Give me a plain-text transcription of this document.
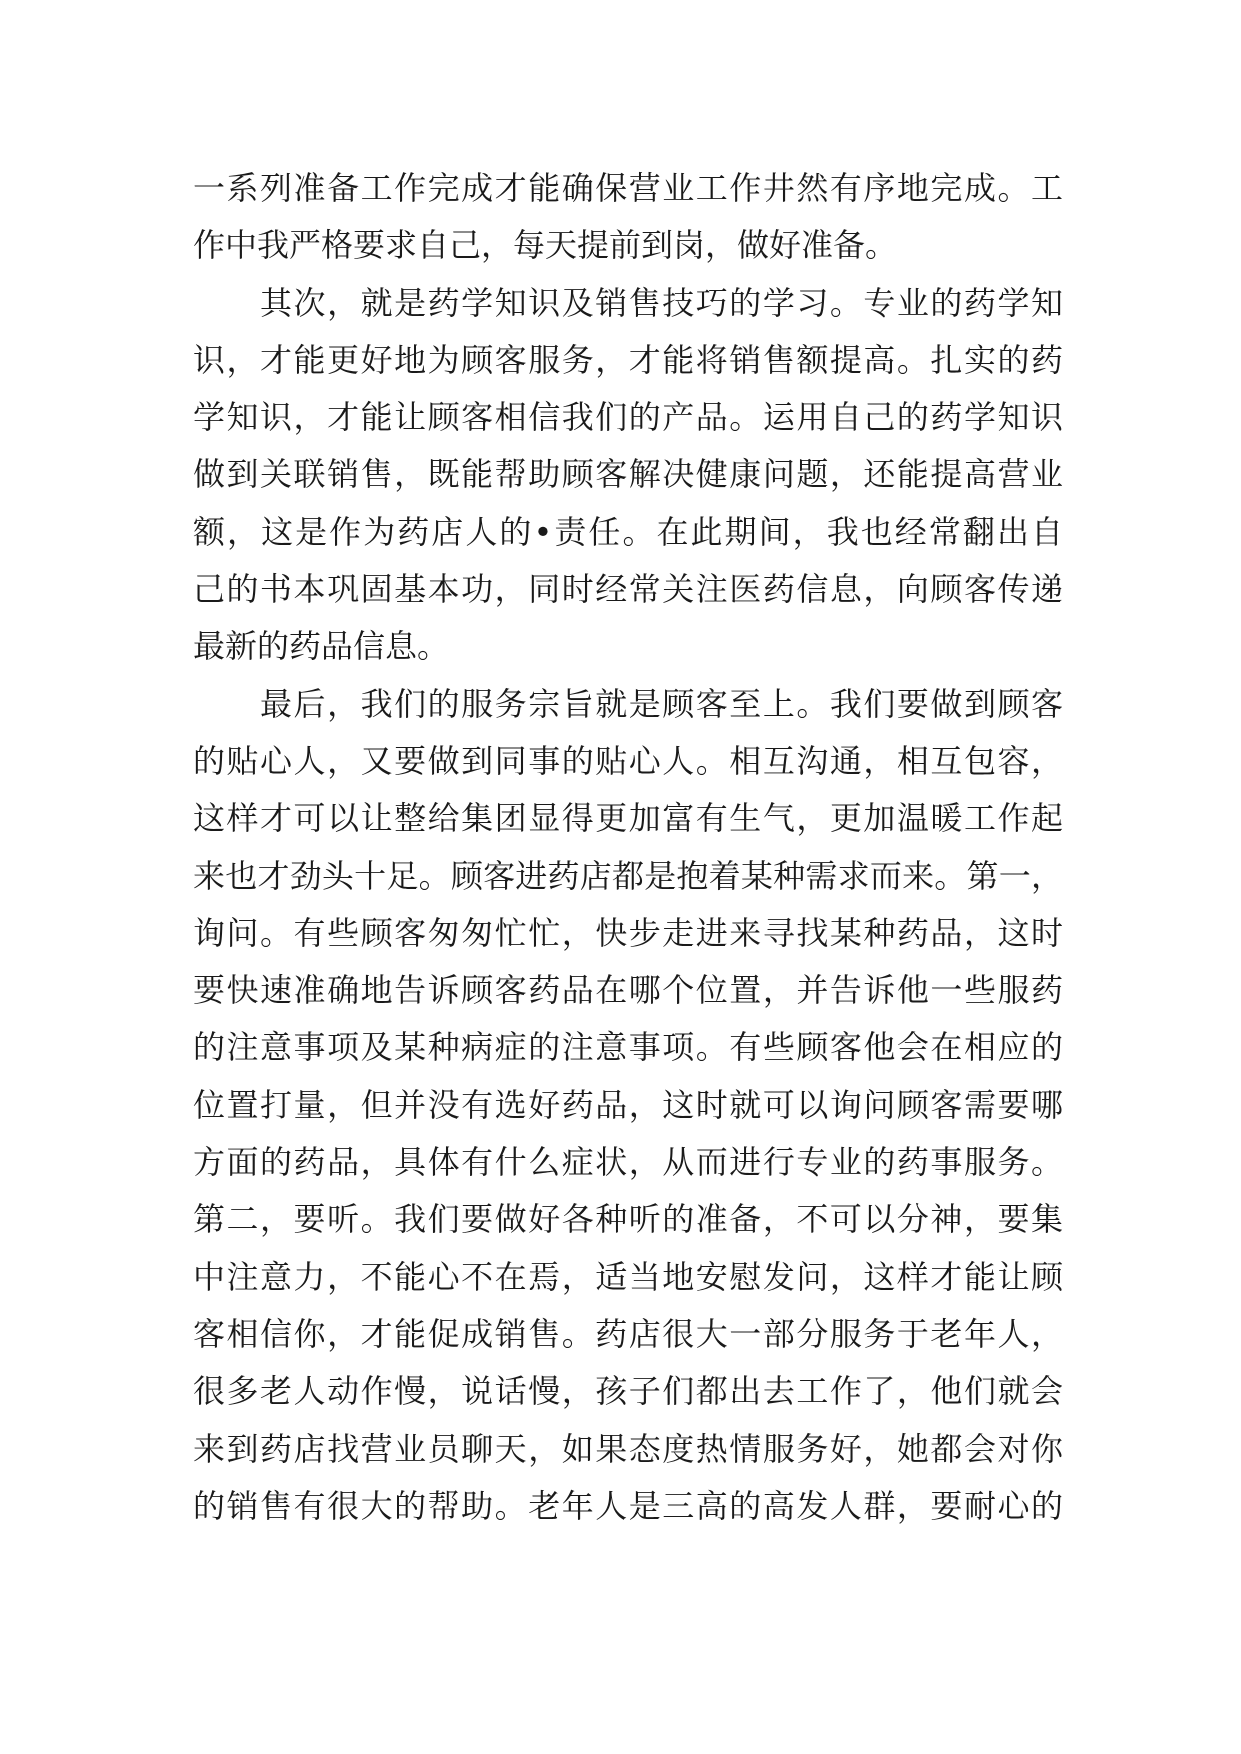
一系列准备工作完成才能确保营业工作井然有序地完成。工
作中我严格要求自己，每天提前到岗，做好准备。
　　其次，就是药学知识及销售技巧的学习。专业的药学知
识，才能更好地为顾客服务，才能将销售额提高。扎实的药
学知识，才能让顾客相信我们的产品。运用自己的药学知识
做到关联销售，既能帮助顾客解决健康问题，还能提高营业
额，这是作为药店人的•责任。在此期间，我也经常翻出自
己的书本巩固基本功，同时经常关注医药信息，向顾客传递
最新的药品信息。
　　最后，我们的服务宗旨就是顾客至上。我们要做到顾客
的贴心人，又要做到同事的贴心人。相互沟通，相互包容，
这样才可以让整给集团显得更加富有生气，更加温暖工作起
来也才劲头十足。顾客进药店都是抱着某种需求而来。第一，
询问。有些顾客匆匆忙忙，快步走进来寻找某种药品，这时
要快速准确地告诉顾客药品在哪个位置，并告诉他一些服药
的注意事项及某种病症的注意事项。有些顾客他会在相应的
位置打量，但并没有选好药品，这时就可以询问顾客需要哪
方面的药品，具体有什么症状，从而进行专业的药事服务。
第二，要听。我们要做好各种听的准备，不可以分神，要集
中注意力，不能心不在焉，适当地安慰发问，这样才能让顾
客相信你，才能促成销售。药店很大一部分服务于老年人，
很多老人动作慢，说话慢，孩子们都出去工作了，他们就会
来到药店找营业员聊天，如果态度热情服务好，她都会对你
的销售有很大的帮助。老年人是三高的高发人群，要耐心的
